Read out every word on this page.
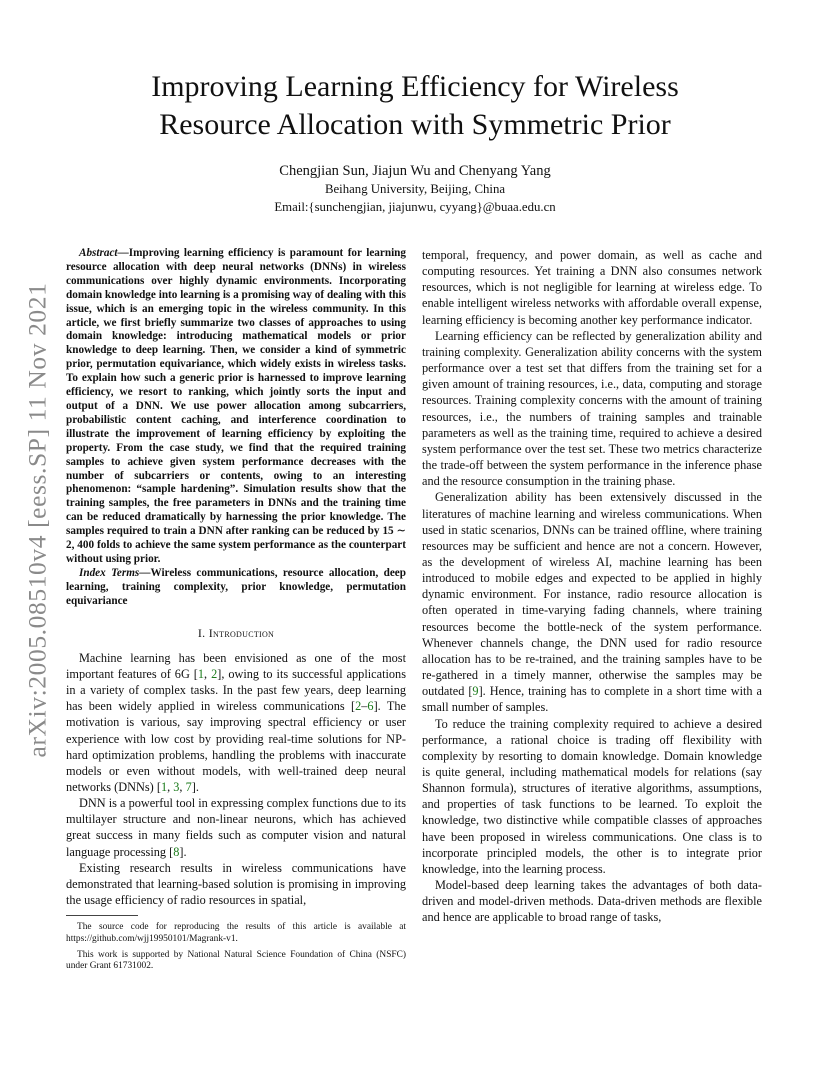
arXiv:2005.08510v4 [eess.SP] 11 Nov 2021
Improving Learning Efficiency for Wireless
Resource Allocation with Symmetric Prior
Chengjian Sun, Jiajun Wu and Chenyang Yang
Beihang University, Beijing, China
Email:{sunchengjian, jiajunwu, cyyang}@buaa.edu.cn

Abstract—Improving learning efficiency is paramount for learning resource allocation with deep neural networks (DNNs) in wireless communications over highly dynamic environments. Incorporating domain knowledge into learning is a promising way of dealing with this issue, which is an emerging topic in the wireless community. In this article, we first briefly summarize two classes of approaches to using domain knowledge: introducing mathematical models or prior knowledge to deep learning. Then, we consider a kind of symmetric prior, permutation equivariance, which widely exists in wireless tasks. To explain how such a generic prior is harnessed to improve learning efficiency, we resort to ranking, which jointly sorts the input and output of a DNN. We use power allocation among subcarriers, probabilistic content caching, and interference coordination to illustrate the improvement of learning efficiency by exploiting the property. From the case study, we find that the required training samples to achieve given system performance decreases with the number of subcarriers or contents, owing to an interesting phenomenon: “sample hardening”. Simulation results show that the training samples, the free parameters in DNNs and the training time can be reduced dramatically by harnessing the prior knowledge. The samples required to train a DNN after ranking can be reduced by 15 ∼ 2, 400 folds to achieve the same system performance as the counterpart without using prior.

Index Terms—Wireless communications, resource allocation, deep learning, training complexity, prior knowledge, permutation equivariance

I. Introduction

Machine learning has been envisioned as one of the most important features of 6G [1, 2], owing to its successful applications in a variety of complex tasks. In the past few years, deep learning has been widely applied in wireless communications [2–6]. The motivation is various, say improving spectral efficiency or user experience with low cost by providing real-time solutions for NP-hard optimization problems, handling the problems with inaccurate models or even without models, with well-trained deep neural networks (DNNs) [1, 3, 7].

DNN is a powerful tool in expressing complex functions due to its multilayer structure and non-linear neurons, which has achieved great success in many fields such as computer vision and natural language processing [8].

Existing research results in wireless communications have demonstrated that learning-based solution is promising in improving the usage efficiency of radio resources in spatial,

The source code for reproducing the results of this article is available at https://github.com/wjj19950101/Magrank-v1.

This work is supported by National Natural Science Foundation of China (NSFC) under Grant 61731002.

temporal, frequency, and power domain, as well as cache and computing resources. Yet training a DNN also consumes network resources, which is not negligible for learning at wireless edge. To enable intelligent wireless networks with affordable overall expense, learning efficiency is becoming another key performance indicator.

Learning efficiency can be reflected by generalization ability and training complexity. Generalization ability concerns with the system performance over a test set that differs from the training set for a given amount of training resources, i.e., data, computing and storage resources. Training complexity concerns with the amount of training resources, i.e., the numbers of training samples and trainable parameters as well as the training time, required to achieve a desired system performance over the test set. These two metrics characterize the trade-off between the system performance in the inference phase and the resource consumption in the training phase.

Generalization ability has been extensively discussed in the literatures of machine learning and wireless communications. When used in static scenarios, DNNs can be trained offline, where training resources may be sufficient and hence are not a concern. However, as the development of wireless AI, machine learning has been introduced to mobile edges and expected to be applied in highly dynamic environment. For instance, radio resource allocation is often operated in time-varying fading channels, where training resources become the bottle-neck of the system performance. Whenever channels change, the DNN used for radio resource allocation has to be re-trained, and the training samples have to be re-gathered in a timely manner, otherwise the samples may be outdated [9]. Hence, training has to complete in a short time with a small number of samples.

To reduce the training complexity required to achieve a desired performance, a rational choice is trading off flexibility with complexity by resorting to domain knowledge. Domain knowledge is quite general, including mathematical models for relations (say Shannon formula), structures of iterative algorithms, assumptions, and properties of task functions to be learned. To exploit the knowledge, two distinctive while compatible classes of approaches have been proposed in wireless communications. One class is to incorporate principled models, the other is to integrate prior knowledge, into the learning process.

Model-based deep learning takes the advantages of both data-driven and model-driven methods. Data-driven methods are flexible and hence are applicable to broad range of tasks,
